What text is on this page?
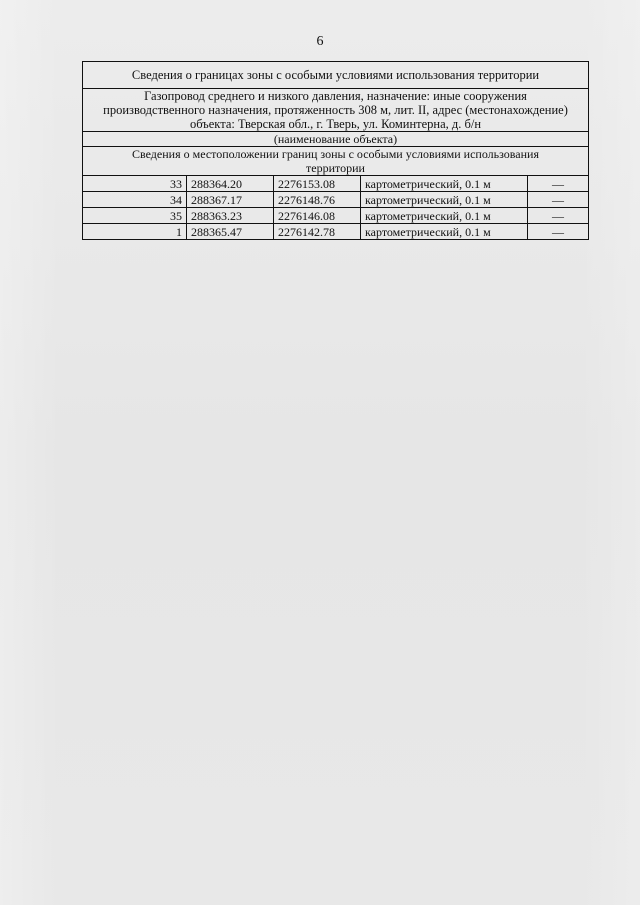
6
Сведения о границах зоны с особыми условиями использования территории				

Газопровод среднего и низкого давления, назначение: иные сооружения
производственного назначения, протяженность 308 м, лит. II, адрес (местонахождение)
объекта: Тверская обл., г. Тверь, ул. Коминтерна, д. б/н				

(наименование объекта)				

Сведения о местоположении границ зоны с особыми условиями использования
территории				

33	288364.20	2276153.08	картометрический, 0.1 м	—
34	288367.17	2276148.76	картометрический, 0.1 м	—
35	288363.23	2276146.08	картометрический, 0.1 м	—
1	288365.47	2276142.78	картометрический, 0.1 м	—
